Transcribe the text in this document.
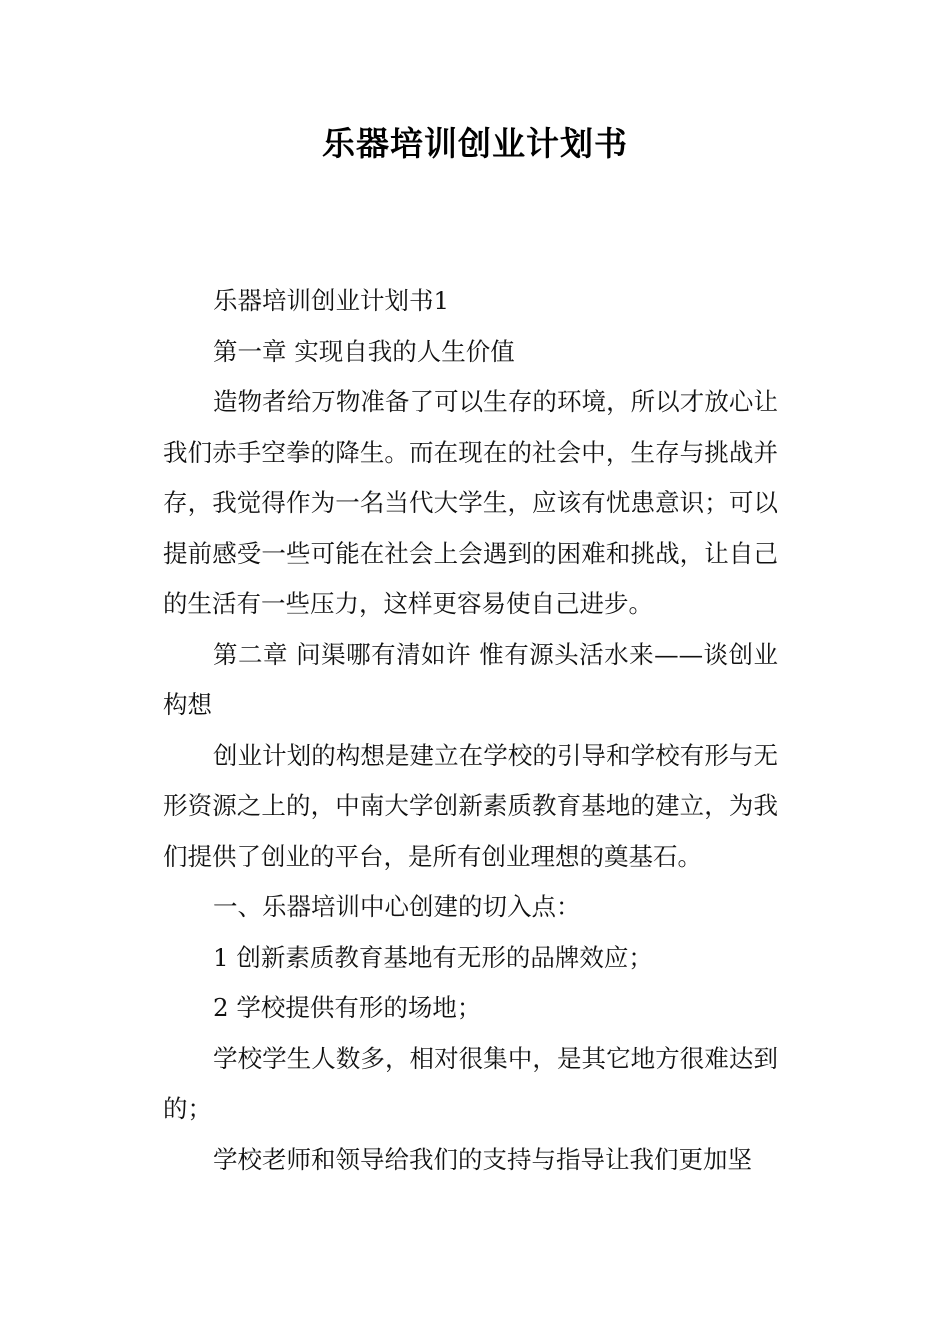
乐器培训创业计划书

乐器培训创业计划书1

第一章 实现自我的人生价值

造物者给万物准备了可以生存的环境，所以才放心让我们赤手空拳的降生。而在现在的社会中，生存与挑战并存，我觉得作为一名当代大学生，应该有忧患意识；可以提前感受一些可能在社会上会遇到的困难和挑战，让自己的生活有一些压力，这样更容易使自己进步。

第二章 问渠哪有清如许 惟有源头活水来——谈创业构想

创业计划的构想是建立在学校的引导和学校有形与无形资源之上的，中南大学创新素质教育基地的建立，为我们提供了创业的平台，是所有创业理想的奠基石。

一、乐器培训中心创建的切入点：

1 创新素质教育基地有无形的品牌效应；

2 学校提供有形的场地；

学校学生人数多，相对很集中，是其它地方很难达到的；

学校老师和领导给我们的支持与指导让我们更加坚
